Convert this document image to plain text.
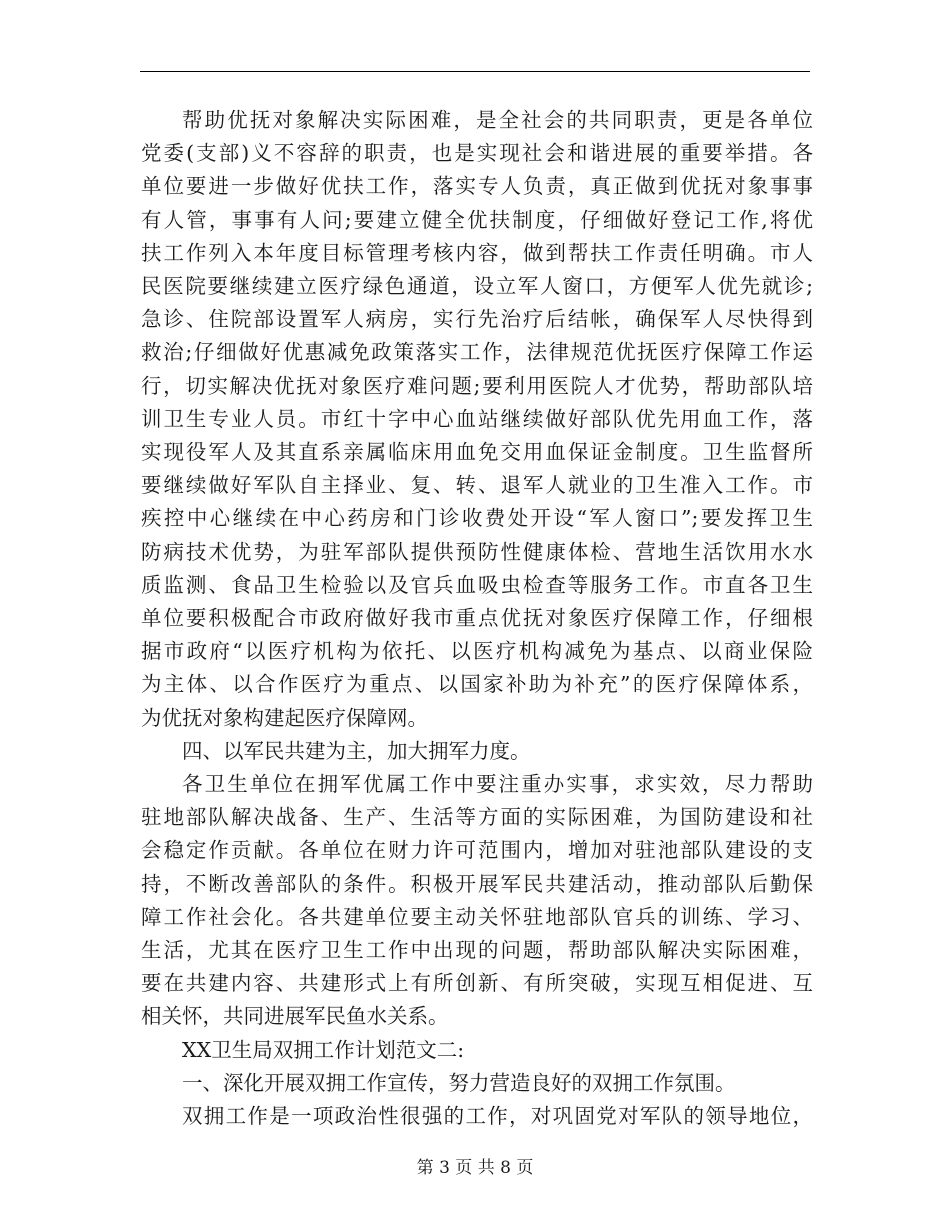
帮助优抚对象解决实际困难，是全社会的共同职责，更是各单位
党委(支部)义不容辞的职责，也是实现社会和谐进展的重要举措。各
单位要进一步做好优扶工作，落实专人负责，真正做到优抚对象事事
有人管，事事有人问;要建立健全优扶制度，仔细做好登记工作,将优
扶工作列入本年度目标管理考核内容，做到帮扶工作责任明确。市人
民医院要继续建立医疗绿色通道，设立军人窗口，方便军人优先就诊;
急诊、住院部设置军人病房，实行先治疗后结帐，确保军人尽快得到
救治;仔细做好优惠减免政策落实工作，法律规范优抚医疗保障工作运
行，切实解决优抚对象医疗难问题;要利用医院人才优势，帮助部队培
训卫生专业人员。市红十字中心血站继续做好部队优先用血工作，落
实现役军人及其直系亲属临床用血免交用血保证金制度。卫生监督所
要继续做好军队自主择业、复、转、退军人就业的卫生准入工作。市
疾控中心继续在中心药房和门诊收费处开设“军人窗口”;要发挥卫生
防病技术优势，为驻军部队提供预防性健康体检、营地生活饮用水水
质监测、食品卫生检验以及官兵血吸虫检查等服务工作。市直各卫生
单位要积极配合市政府做好我市重点优抚对象医疗保障工作，仔细根
据市政府“以医疗机构为依托、以医疗机构减免为基点、以商业保险
为主体、以合作医疗为重点、以国家补助为补充”的医疗保障体系，
为优抚对象构建起医疗保障网。
四、以军民共建为主，加大拥军力度。
各卫生单位在拥军优属工作中要注重办实事，求实效，尽力帮助
驻地部队解决战备、生产、生活等方面的实际困难，为国防建设和社
会稳定作贡献。各单位在财力许可范围内，增加对驻池部队建设的支
持，不断改善部队的条件。积极开展军民共建活动，推动部队后勤保
障工作社会化。各共建单位要主动关怀驻地部队官兵的训练、学习、
生活，尤其在医疗卫生工作中出现的问题，帮助部队解决实际困难，
要在共建内容、共建形式上有所创新、有所突破，实现互相促进、互
相关怀，共同进展军民鱼水关系。
XX卫生局双拥工作计划范文二:
一、深化开展双拥工作宣传，努力营造良好的双拥工作氛围。
双拥工作是一项政治性很强的工作，对巩固党对军队的领导地位，
第 3 页 共 8 页
